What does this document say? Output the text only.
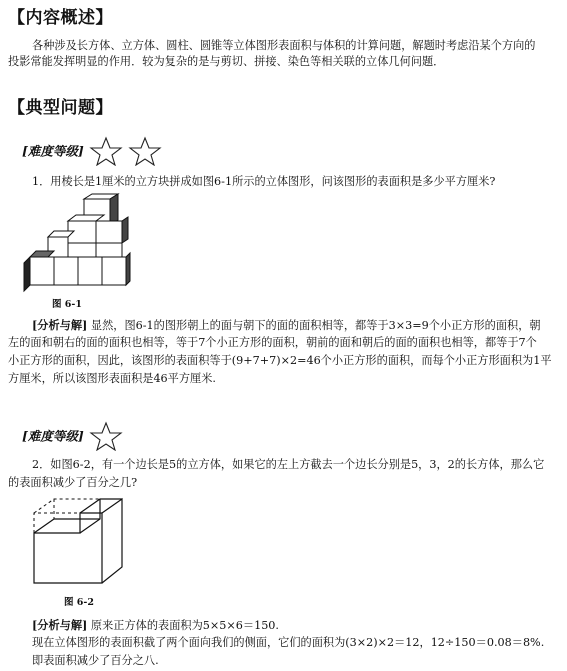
【内容概述】
各种涉及长方体、立方体、圆柱、圆锥等立体图形表面积与体积的计算问题，解题时考虑沿某个方向的
投影常能发挥明显的作用．较为复杂的是与剪切、拼接、染色等相关联的立体几何问题．
【典型问题】
[难度等级]
1．用棱长是1厘米的立方块拼成如图6-1所示的立体图形，问该图形的表面积是多少平方厘米?
图 6-1
[分析与解] 显然，图6-1的图形朝上的面与朝下的面的面积相等，都等于3×3=9个小正方形的面积，朝
左的面和朝右的面的面积也相等，等于7个小正方形的面积，朝前的面和朝后的面的面积也相等，都等于7个
小正方形的面积，因此，该图形的表面积等于(9+7+7)×2=46个小正方形的面积，而每个小正方形面积为1平
方厘米，所以该图形表面积是46平方厘米.
[难度等级]
2．如图6-2，有一个边长是5的立方体，如果它的左上方截去一个边长分别是5，3，2的长方体，那么它
的表面积减少了百分之几?
图 6-2
[分析与解] 原来正方体的表面积为5×5×6＝150.
现在立体图形的表面积截了两个面向我们的侧面，它们的面积为(3×2)×2＝12，12÷150＝0.08＝8%.
即表面积减少了百分之八.
